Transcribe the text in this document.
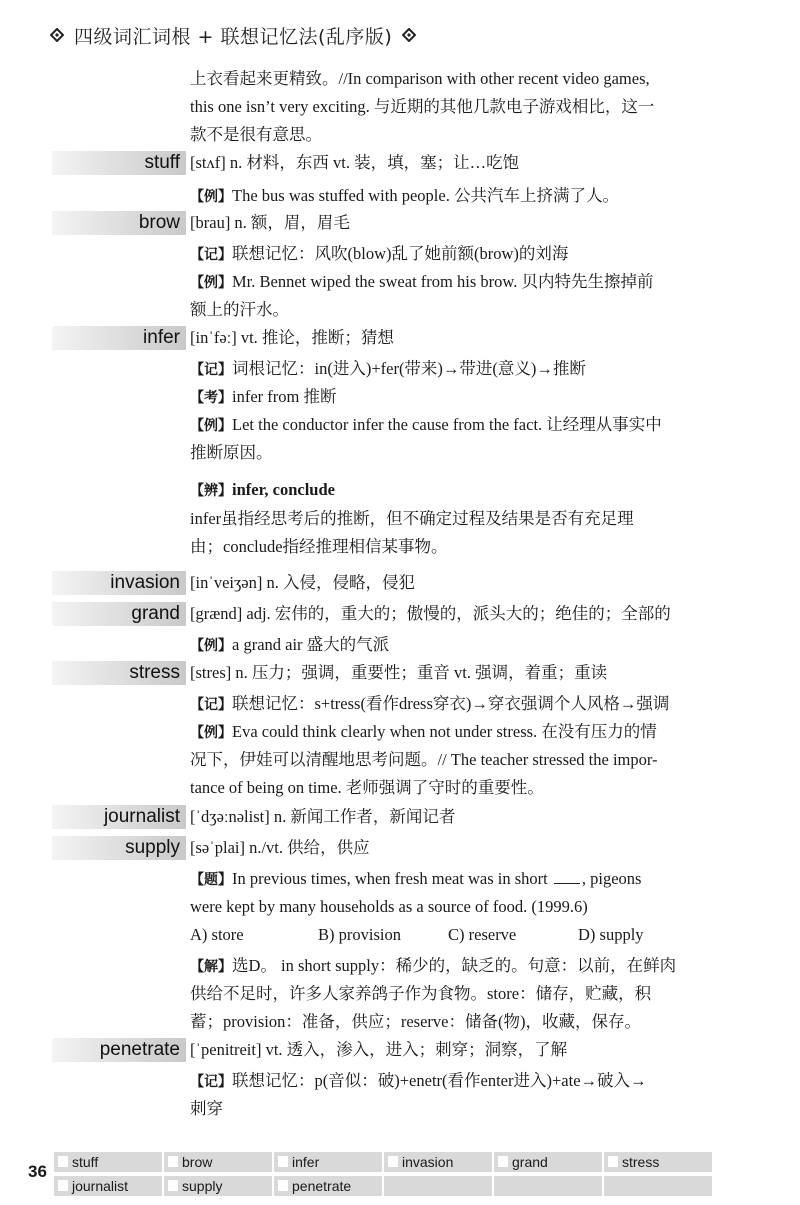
四级词汇词根 + 联想记忆法(乱序版)
上衣看起来更精致。//In comparison with other recent video games,
this one isn’t very exciting. 与近期的其他几款电子游戏相比，这一
款不是很有意思。
stuff [stʌf] n. 材料，东西 vt. 装，填，塞；让…吃饱
【例】The bus was stuffed with people. 公共汽车上挤满了人。
brow [brau] n. 额，眉，眉毛
【记】联想记忆：风吹(blow)乱了她前额(brow)的刘海
【例】Mr. Bennet wiped the sweat from his brow. 贝内特先生擦掉前
额上的汗水。
infer [inˈfəː] vt. 推论，推断；猜想
【记】词根记忆：in(进入)+fer(带来)→带进(意义)→推断
【考】infer from 推断
【例】Let the conductor infer the cause from the fact. 让经理从事实中
推断原因。
【辨】infer, conclude
infer虽指经思考后的推断，但不确定过程及结果是否有充足理
由；conclude指经推理相信某事物。
invasion [inˈveiʒən] n. 入侵，侵略，侵犯
grand [grænd] adj. 宏伟的，重大的；傲慢的，派头大的；绝佳的；全部的
【例】a grand air 盛大的气派
stress [stres] n. 压力；强调，重要性；重音 vt. 强调，着重；重读
【记】联想记忆：s+tress(看作dress穿衣)→穿衣强调个人风格→强调
【例】Eva could think clearly when not under stress. 在没有压力的情
况下，伊娃可以清醒地思考问题。// The teacher stressed the impor-
tance of being on time. 老师强调了守时的重要性。
journalist [ˈdʒəːnəlist] n. 新闻工作者，新闻记者
supply [səˈplai] n./vt. 供给，供应
【题】In previous times, when fresh meat was in short , pigeons
were kept by many households as a source of food. (1999.6)
A) store	B) provision	C) reserve	D) supply
【解】选D。 in short supply：稀少的，缺乏的。句意：以前，在鲜肉
供给不足时，许多人家养鸽子作为食物。store：储存，贮藏，积
蓄；provision：准备，供应；reserve：储备(物)，收藏，保存。
penetrate [ˈpenitreit] vt. 透入，渗入，进入；刺穿；洞察，了解
【记】联想记忆：p(音似：破)+enetr(看作enter进入)+ate→破入→
刺穿
36 stuff	brow	infer	invasion	grand	stress
journalist	supply	penetrate
